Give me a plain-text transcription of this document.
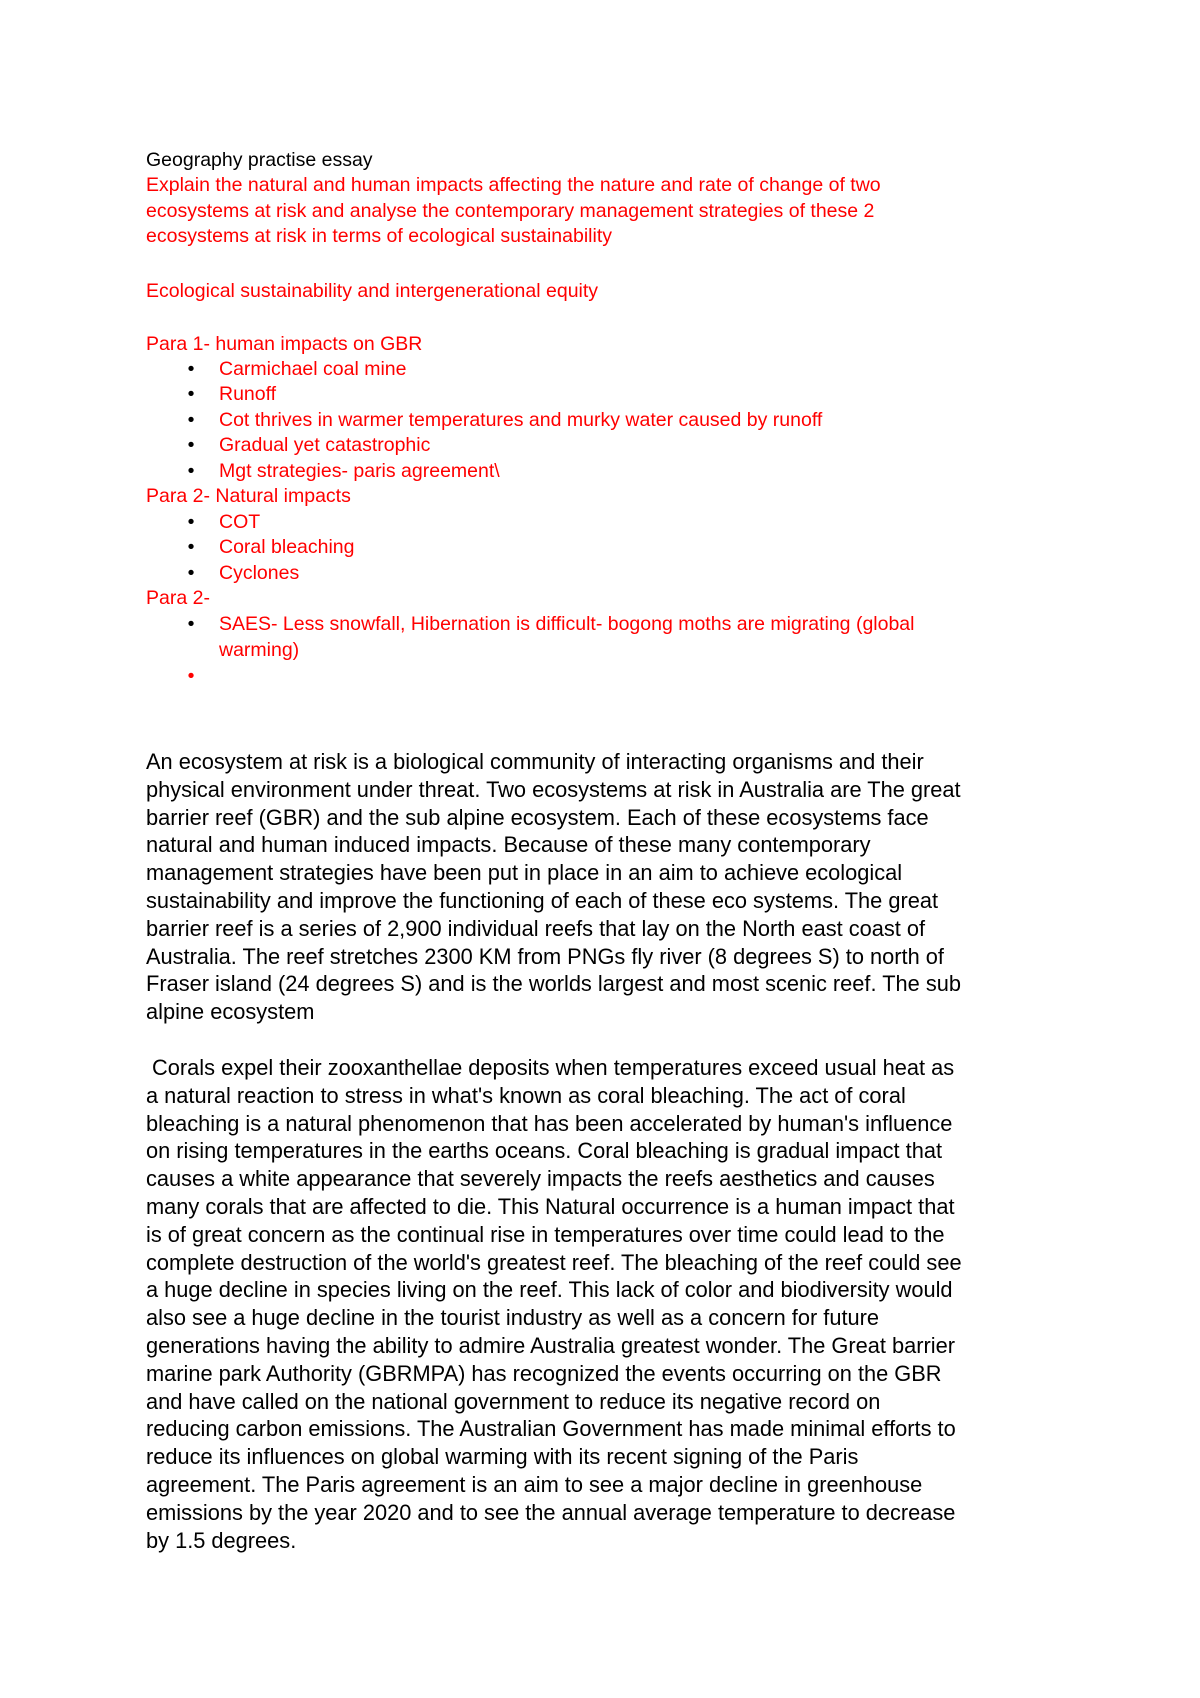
Geography practise essay
Explain the natural and human impacts affecting the nature and rate of change of two
ecosystems at risk and analyse the contemporary management strategies of these 2
ecosystems at risk in terms of ecological sustainability
Ecological sustainability and intergenerational equity
Para 1- human impacts on GBR
• Carmichael coal mine
• Runoff
• Cot thrives in warmer temperatures and murky water caused by runoff
• Gradual yet catastrophic
• Mgt strategies- paris agreement\
Para 2- Natural impacts
• COT
• Coral bleaching
• Cyclones
Para 2-
• SAES- Less snowfall, Hibernation is difficult- bogong moths are migrating (global
warming)
•
An ecosystem at risk is a biological community of interacting organisms and their
physical environment under threat. Two ecosystems at risk in Australia are The great
barrier reef (GBR) and the sub alpine ecosystem. Each of these ecosystems face
natural and human induced impacts. Because of these many contemporary
management strategies have been put in place in an aim to achieve ecological
sustainability and improve the functioning of each of these eco systems. The great
barrier reef is a series of 2,900 individual reefs that lay on the North east coast of
Australia. The reef stretches 2300 KM from PNGs fly river (8 degrees S) to north of
Fraser island (24 degrees S) and is the worlds largest and most scenic reef. The sub
alpine ecosystem
Corals expel their zooxanthellae deposits when temperatures exceed usual heat as
a natural reaction to stress in what's known as coral bleaching. The act of coral
bleaching is a natural phenomenon that has been accelerated by human's influence
on rising temperatures in the earths oceans. Coral bleaching is gradual impact that
causes a white appearance that severely impacts the reefs aesthetics and causes
many corals that are affected to die. This Natural occurrence is a human impact that
is of great concern as the continual rise in temperatures over time could lead to the
complete destruction of the world's greatest reef. The bleaching of the reef could see
a huge decline in species living on the reef. This lack of color and biodiversity would
also see a huge decline in the tourist industry as well as a concern for future
generations having the ability to admire Australia greatest wonder. The Great barrier
marine park Authority (GBRMPA) has recognized the events occurring on the GBR
and have called on the national government to reduce its negative record on
reducing carbon emissions. The Australian Government has made minimal efforts to
reduce its influences on global warming with its recent signing of the Paris
agreement. The Paris agreement is an aim to see a major decline in greenhouse
emissions by the year 2020 and to see the annual average temperature to decrease
by 1.5 degrees.
